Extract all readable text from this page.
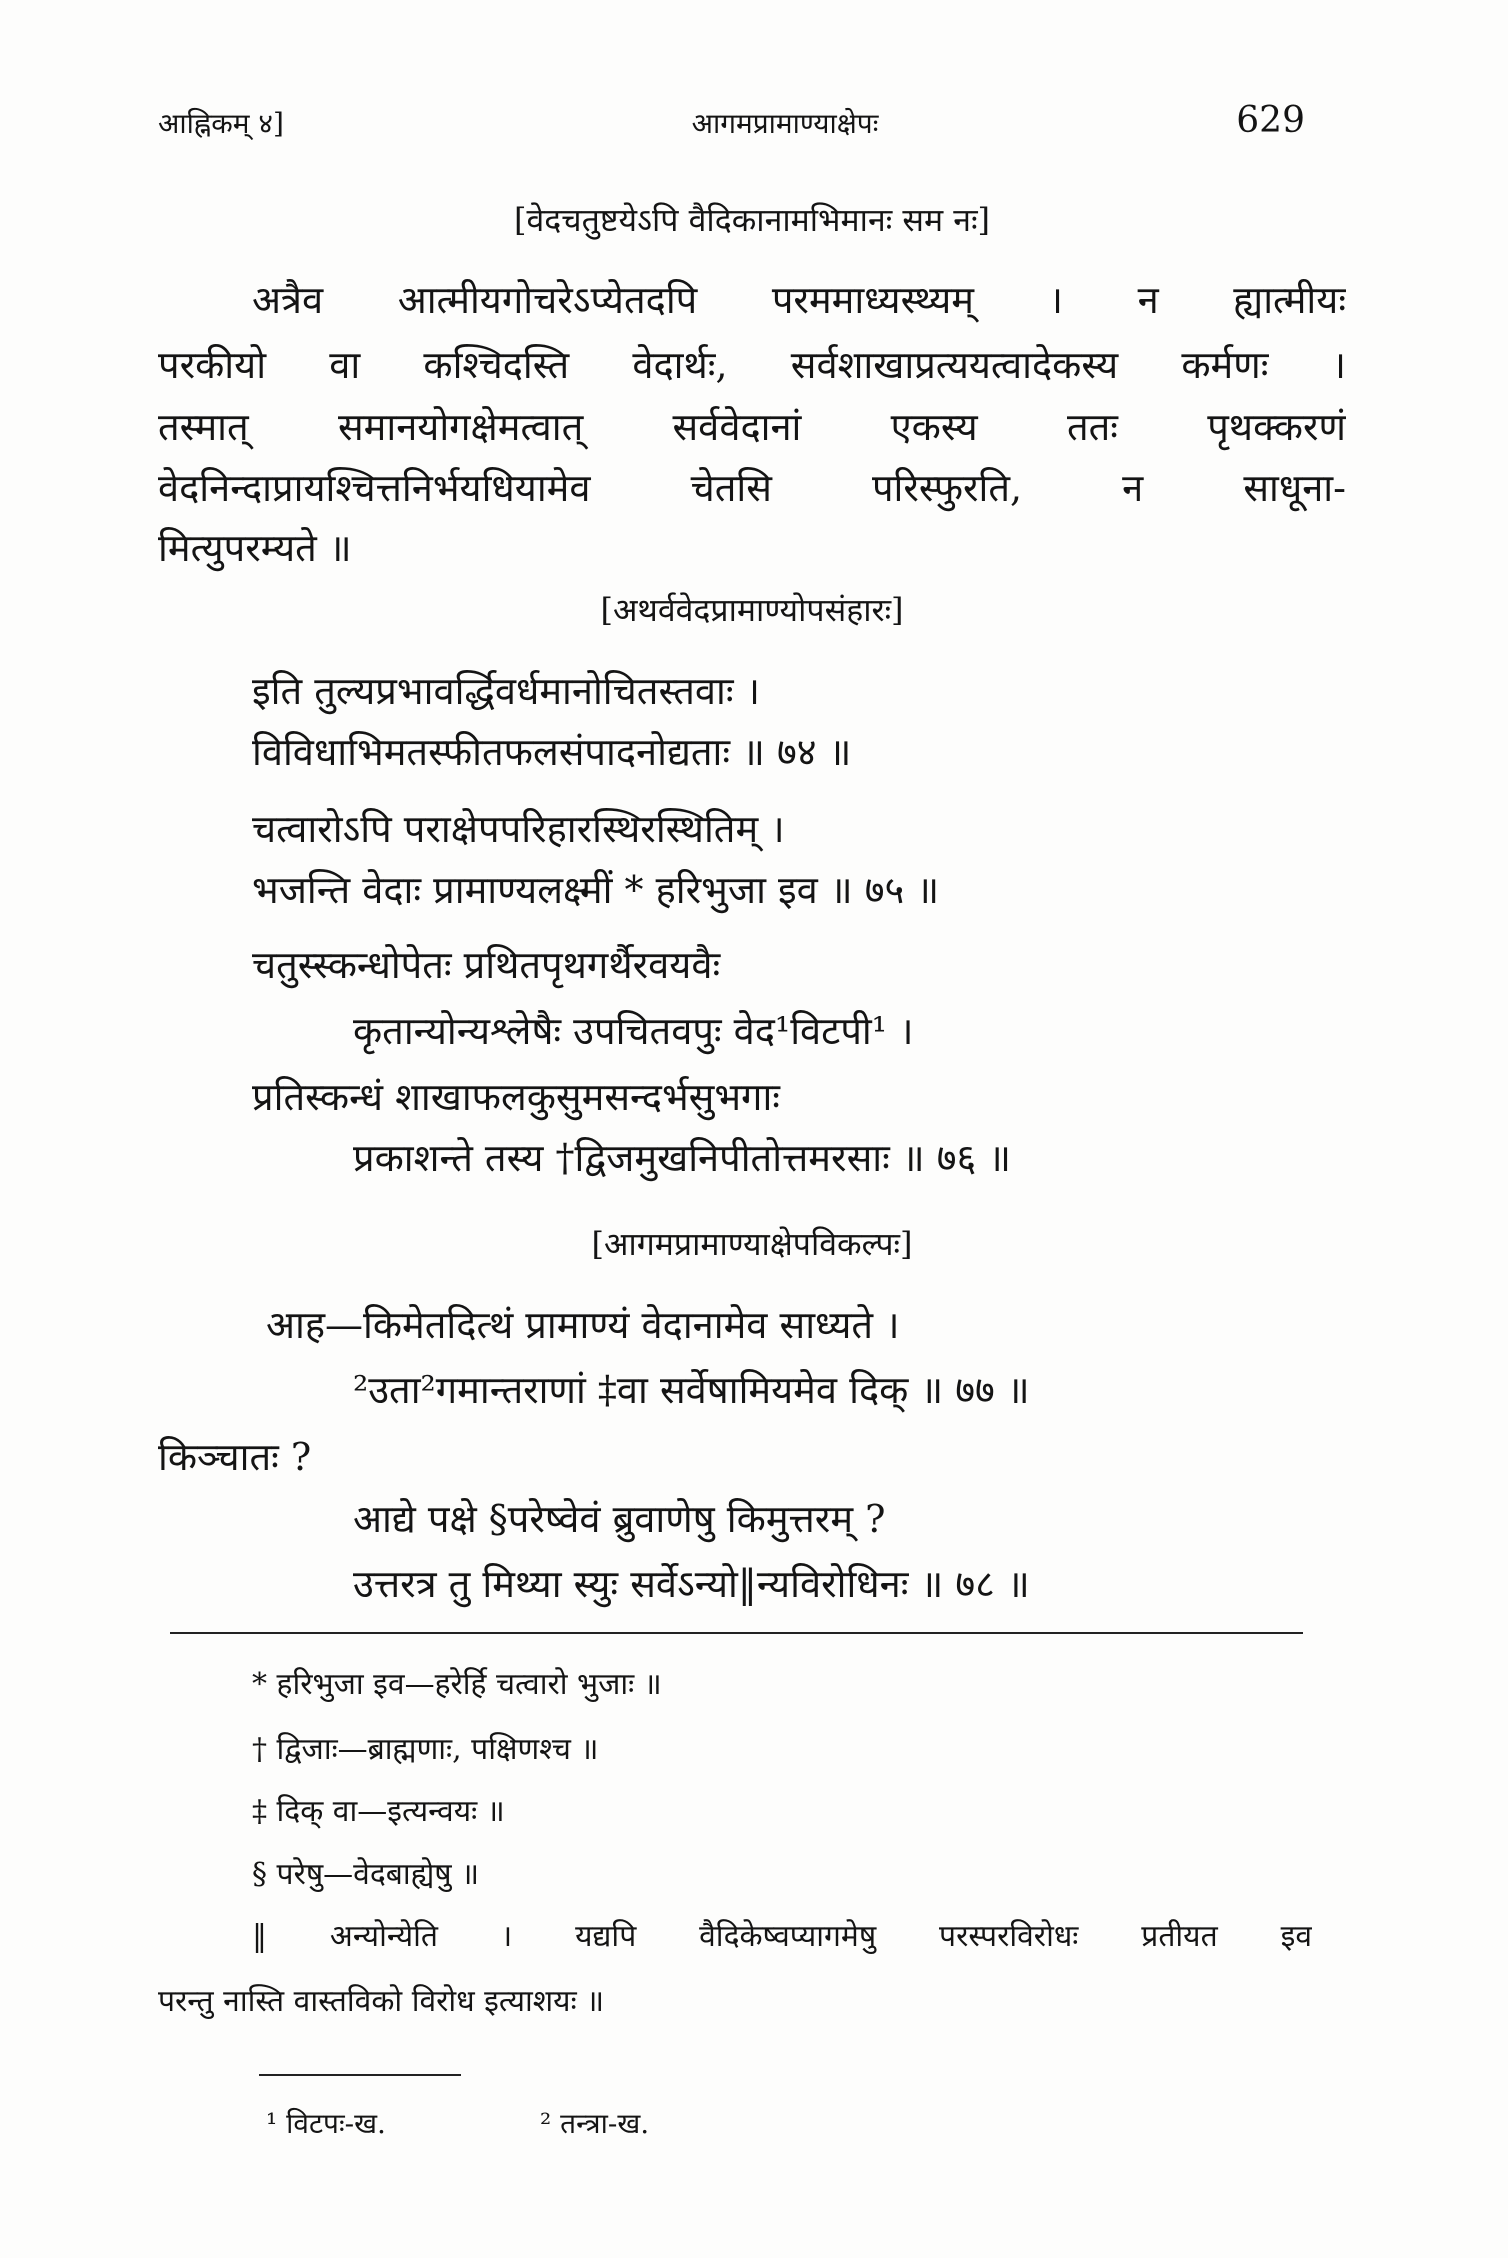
आह्निकम् ४]	आगमप्रामाण्याक्षेपः	629
[वेदचतुष्टयेऽपि वैदिकानामभिमानः सम नः]
अत्रैव आत्मीयगोचरेऽप्येतदपि परममाध्यस्थ्यम् । न ह्यात्मीयः
परकीयो वा कश्चिदस्ति वेदार्थः, सर्वशाखाप्रत्ययत्वादेकस्य कर्मणः ।
तस्मात् समानयोगक्षेमत्वात् सर्ववेदानां एकस्य ततः पृथक्करणं
वेदनिन्दाप्रायश्चित्तनिर्भयधियामेव चेतसि परिस्फुरति, न साधूना-
मित्युपरम्यते ॥
[अथर्ववेदप्रामाण्योपसंहारः]
इति तुल्यप्रभावर्द्धिवर्धमानोचितस्तवाः ।
विविधाभिमतस्फीतफलसंपादनोद्यताः ॥ ७४ ॥
चत्वारोऽपि पराक्षेपपरिहारस्थिरस्थितिम् ।
भजन्ति वेदाः प्रामाण्यलक्ष्मीं * हरिभुजा इव ॥ ७५ ॥
चतुस्स्कन्धोपेतः प्रथितपृथगर्थैरवयवैः
कृतान्योन्यश्लेषैः उपचितवपुः वेद¹विटपी¹ ।
प्रतिस्कन्धं शाखाफलकुसुमसन्दर्भसुभगाः
प्रकाशन्ते तस्य †द्विजमुखनिपीतोत्तमरसाः ॥ ७६ ॥
[आगमप्रामाण्याक्षेपविकल्पः]
आह—किमेतदित्थं प्रामाण्यं वेदानामेव साध्यते ।
²उता²गमान्तराणां ‡वा सर्वेषामियमेव दिक् ॥ ७७ ॥
किञ्चातः ?
आद्ये पक्षे §परेष्वेवं ब्रुवाणेषु किमुत्तरम् ?
उत्तरत्र तु मिथ्या स्युः सर्वेऽन्यो‖न्यविरोधिनः ॥ ७८ ॥
* हरिभुजा इव—हरेर्हि चत्वारो भुजाः ॥
† द्विजाः—ब्राह्मणाः, पक्षिणश्च ॥
‡ दिक् वा—इत्यन्वयः ॥
§ परेषु—वेदबाह्येषु ॥
‖ अन्योन्येति । यद्यपि वैदिकेष्वप्यागमेषु परस्परविरोधः प्रतीयत इव
परन्तु नास्ति वास्तविको विरोध इत्याशयः ॥
¹ विटपः-ख.	² तन्त्रा-ख.
